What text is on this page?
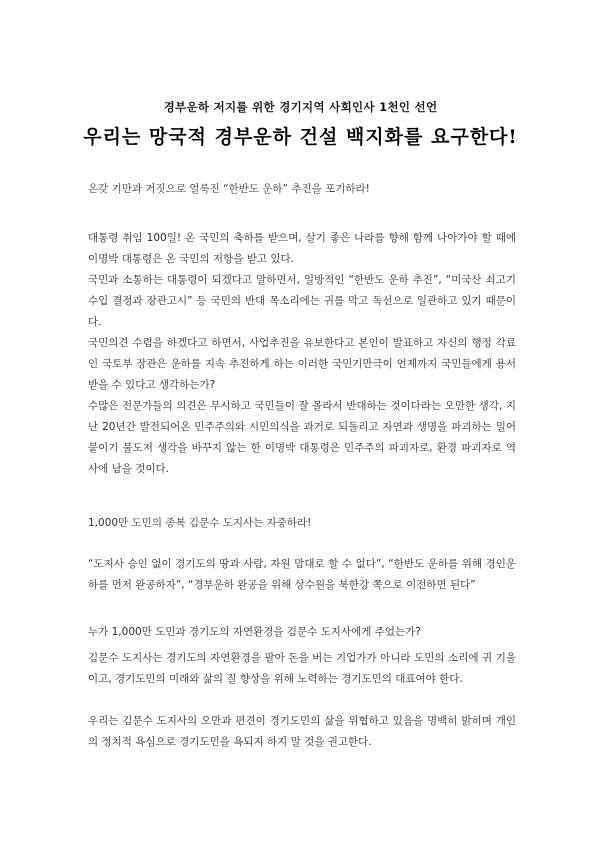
경부운하 저지를 위한 경기지역 사회인사 1천인 선언
우리는 망국적 경부운하 건설 백지화를 요구한다!
온갖 기만과 거짓으로 얼룩진 “한반도 운하” 추진을 포기하라!
대통령 취임 100일! 온 국민의 축하를 받으며, 살기 좋은 나라를 향해 함께 나아가야 할 때에 이명박 대통령은 온 국민의 저항을 받고 있다.
국민과 소통하는 대통령이 되겠다고 말하면서, 일방적인 “한반도 운하 추진”, “미국산 쇠고기 수입 결정과 장관고시” 등 국민의 반대 목소리에는 귀를 막고 독선으로 일관하고 있기 때문이다.
국민의견 수렴을 하겠다고 하면서, 사업추진을 유보한다고 본인이 발표하고 자신의 행정 각료인 국토부 장관은 운하를 지속 추진하게 하는 이러한 국민기만극이 언제까지 국민들에게 용서 받을 수 있다고 생각하는가?
수많은 전문가들의 의견은 무시하고 국민들이 잘 몰라서 반대하는 것이다라는 오만한 생각, 지난 20년간 발전되어온 민주주의와 시민의식을 과거로 되돌리고 자연과 생명을 파괴하는 밀어붙이기 불도저 생각을 바꾸지 않는 한 이명박 대통령은 민주주의 파괴자로, 환경 파괴자로 역사에 남을 것이다.
1,000만 도민의 종복 김문수 도지사는 자중하라!
“도지사 승인 없이 경기도의 땅과 사람, 자원 맘대로 할 수 없다”, “한반도 운하를 위해 경인운하를 먼저 완공하자”, “경부운하 완공을 위해 상수원을 북한강 쪽으로 이전하면 된다”
누가 1,000만 도민과 경기도의 자연환경을 김문수 도지사에게 주었는가?
김문수 도지사는 경기도의 자연환경을 팔아 돈을 버는 기업가가 아니라 도민의 소리에 귀 기울이고, 경기도민의 미래와 삶의 질 향상을 위해 노력하는 경기도민의 대표여야 한다.
우리는 김문수 도지사의 오만과 편견이 경기도민의 삶을 위협하고 있음을 명백히 밝히며 개인의 정치적 욕심으로 경기도민을 욕되지 하지 말 것을 권고한다.
